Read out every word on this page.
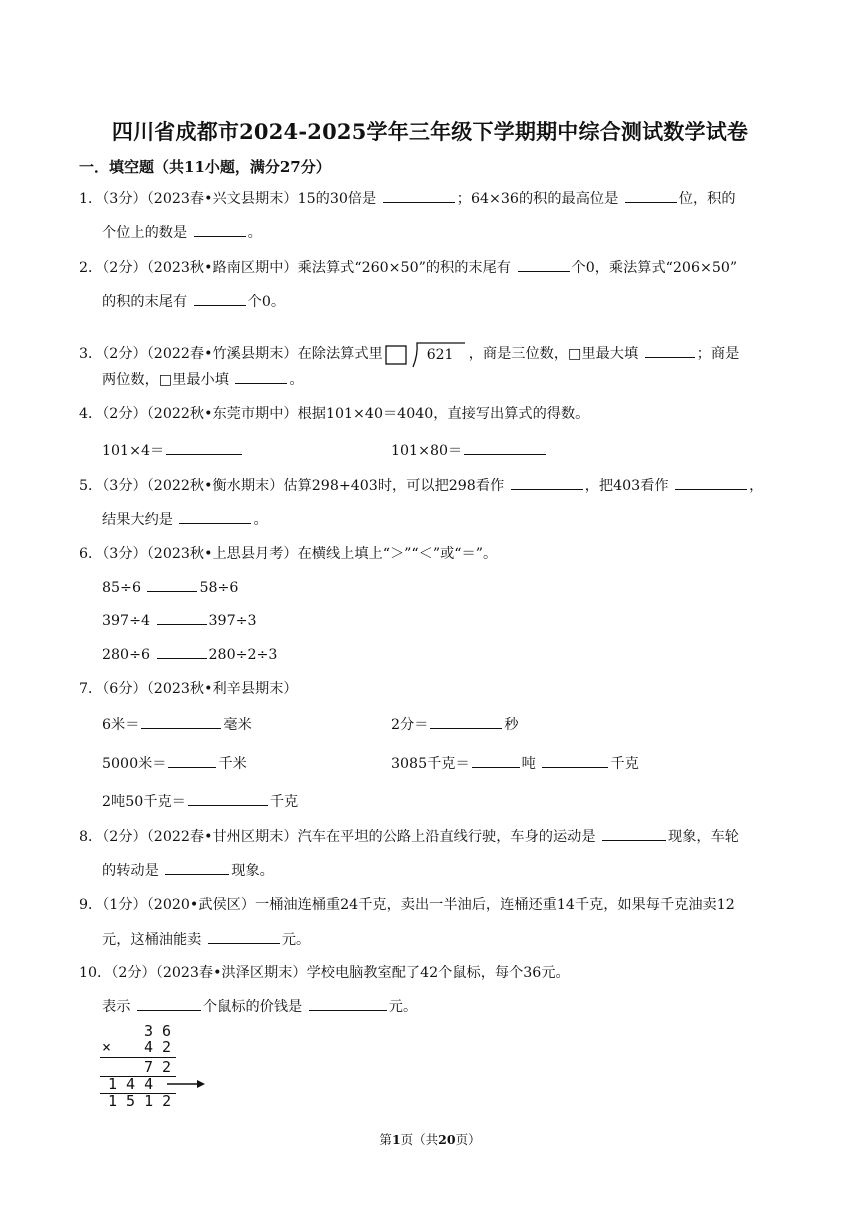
四川省成都市2024-2025学年三年级下学期期中综合测试数学试卷
一．填空题（共11小题，满分27分）
1．（3分）（2023春•兴文县期末）15的30倍是	；64×36的积的最高位是	位，积的
个位上的数是	。
2．（2分）（2023秋•路南区期中）乘法算式“260×50”的积的末尾有	个0，乘法算式“206×50”
的积的末尾有	个0。
3．（2分）（2022春•竹溪县期末）在除法算式里	621 ，商是三位数，□里最大填	；商是
两位数，□里最小填	。
4．（2分）（2022秋•东莞市期中）根据101×40＝4040，直接写出算式的得数。
101×4＝	101×80＝
5．（3分）（2022秋•衡水期末）估算298+403时，可以把298看作	，把403看作	，
结果大约是	。
6．（3分）（2023秋•上思县月考）在横线上填上“＞”“＜”或“＝”。
85÷6	58÷6
397÷4	397÷3
280÷6	280÷2÷3
7．（6分）（2023秋•利辛县期末）
6米＝	毫米	2分＝	秒
5000米＝	千米	3085千克＝	吨	千克
2吨50千克＝	千克
8．（2分）（2022春•甘州区期末）汽车在平坦的公路上沿直线行驶，车身的运动是	现象，车轮
的转动是	现象。
9．（1分）（2020•武侯区）一桶油连桶重24千克，卖出一半油后，连桶还重14千克，如果每千克油卖12
元，这桶油能卖	元。
10．（2分）（2023春•洪泽区期末）学校电脑教室配了42个鼠标，每个36元。
表示	个鼠标的价钱是	元。
3 6
× 4 2
7 2
1 4 4
1 5 1 2
第1页（共20页）
